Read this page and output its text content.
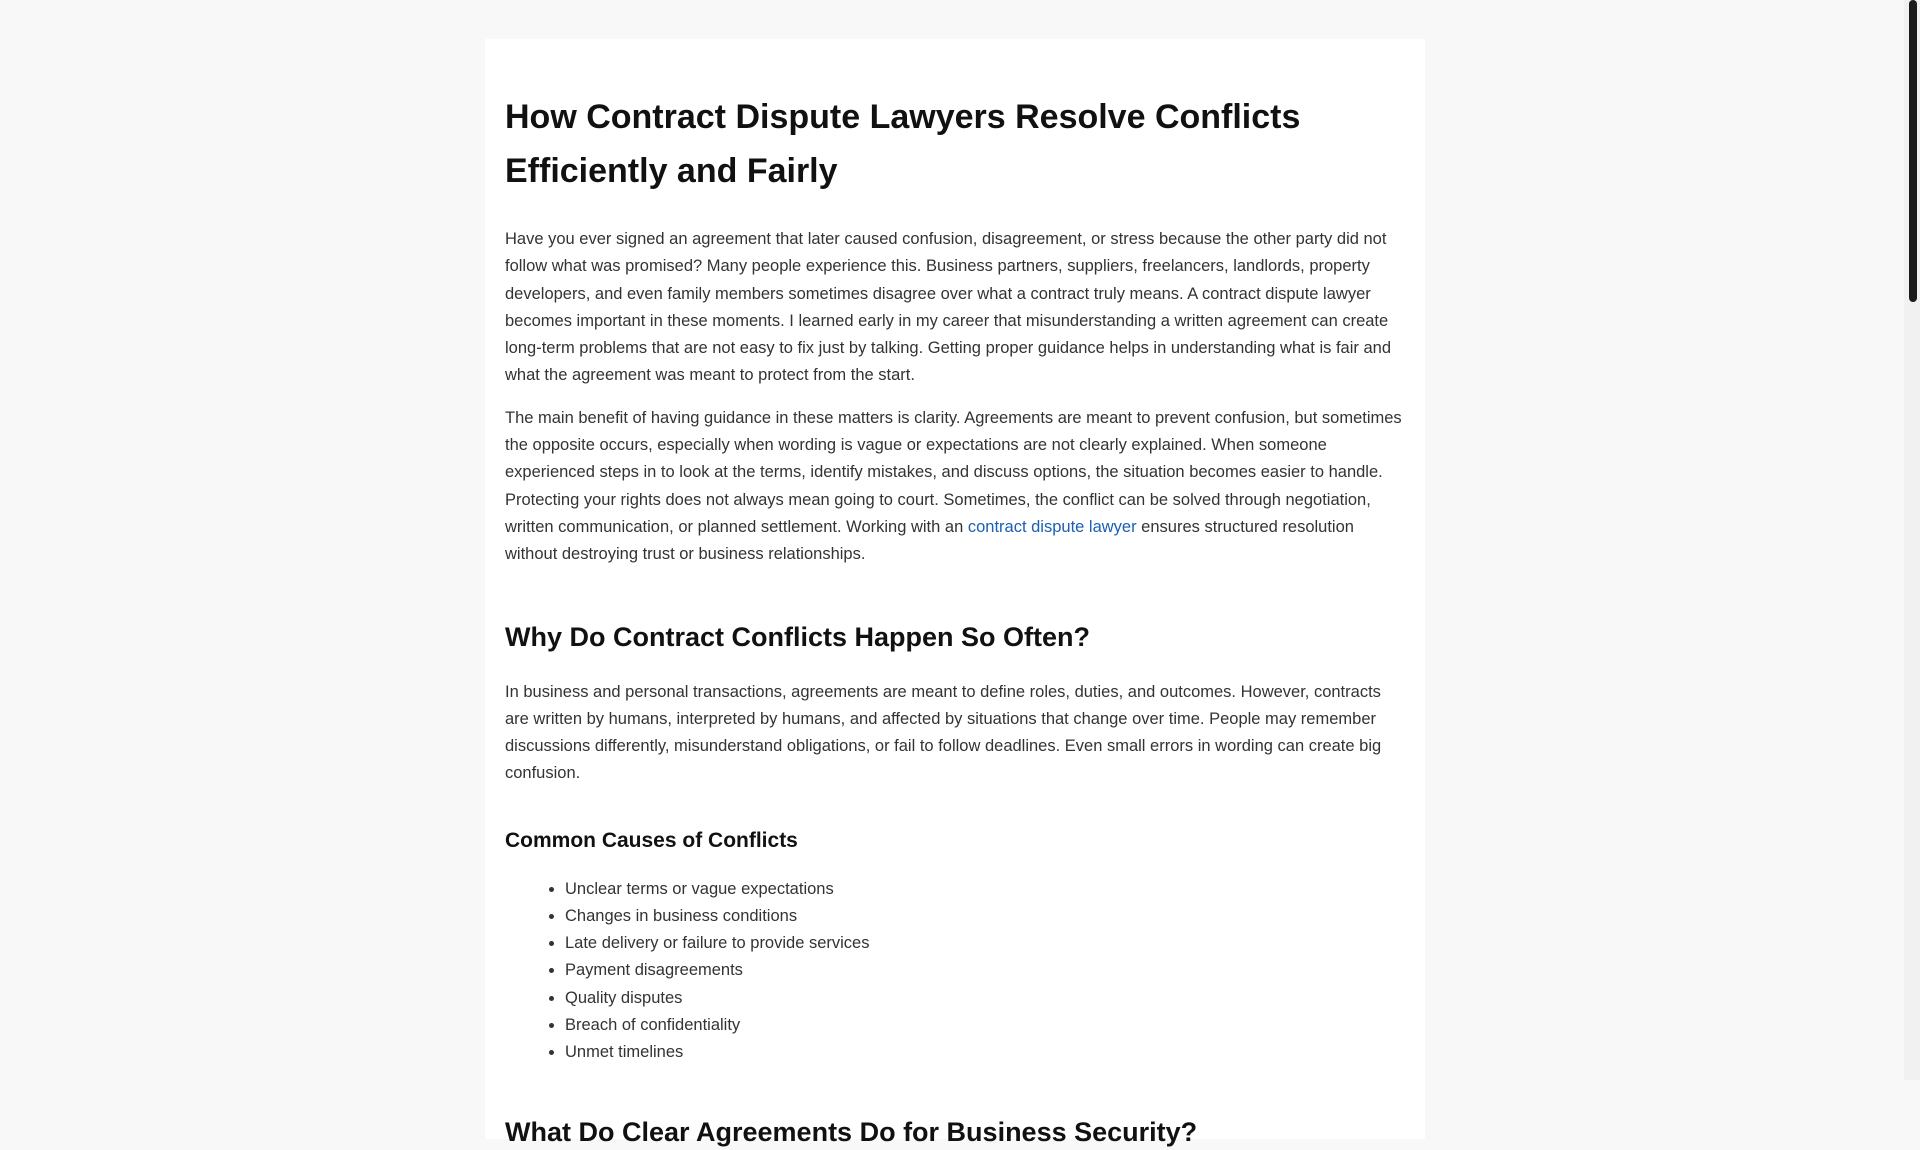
How Contract Dispute Lawyers Resolve Conflicts Efficiently and Fairly

Have you ever signed an agreement that later caused confusion, disagreement, or stress because the other party did not follow what was promised? Many people experience this. Business partners, suppliers, freelancers, landlords, property developers, and even family members sometimes disagree over what a contract truly means. A contract dispute lawyer becomes important in these moments. I learned early in my career that misunderstanding a written agreement can create long-term problems that are not easy to fix just by talking. Getting proper guidance helps in understanding what is fair and what the agreement was meant to protect from the start.

The main benefit of having guidance in these matters is clarity. Agreements are meant to prevent confusion, but sometimes the opposite occurs, especially when wording is vague or expectations are not clearly explained. When someone experienced steps in to look at the terms, identify mistakes, and discuss options, the situation becomes easier to handle. Protecting your rights does not always mean going to court. Sometimes, the conflict can be solved through negotiation, written communication, or planned settlement. Working with an contract dispute lawyer ensures structured resolution without destroying trust or business relationships.

Why Do Contract Conflicts Happen So Often?

In business and personal transactions, agreements are meant to define roles, duties, and outcomes. However, contracts are written by humans, interpreted by humans, and affected by situations that change over time. People may remember discussions differently, misunderstand obligations, or fail to follow deadlines. Even small errors in wording can create big confusion.

Common Causes of Conflicts
• Unclear terms or vague expectations
• Changes in business conditions
• Late delivery or failure to provide services
• Payment disagreements
• Quality disputes
• Breach of confidentiality
• Unmet timelines
What Do Clear Agreements Do for Business Security?
